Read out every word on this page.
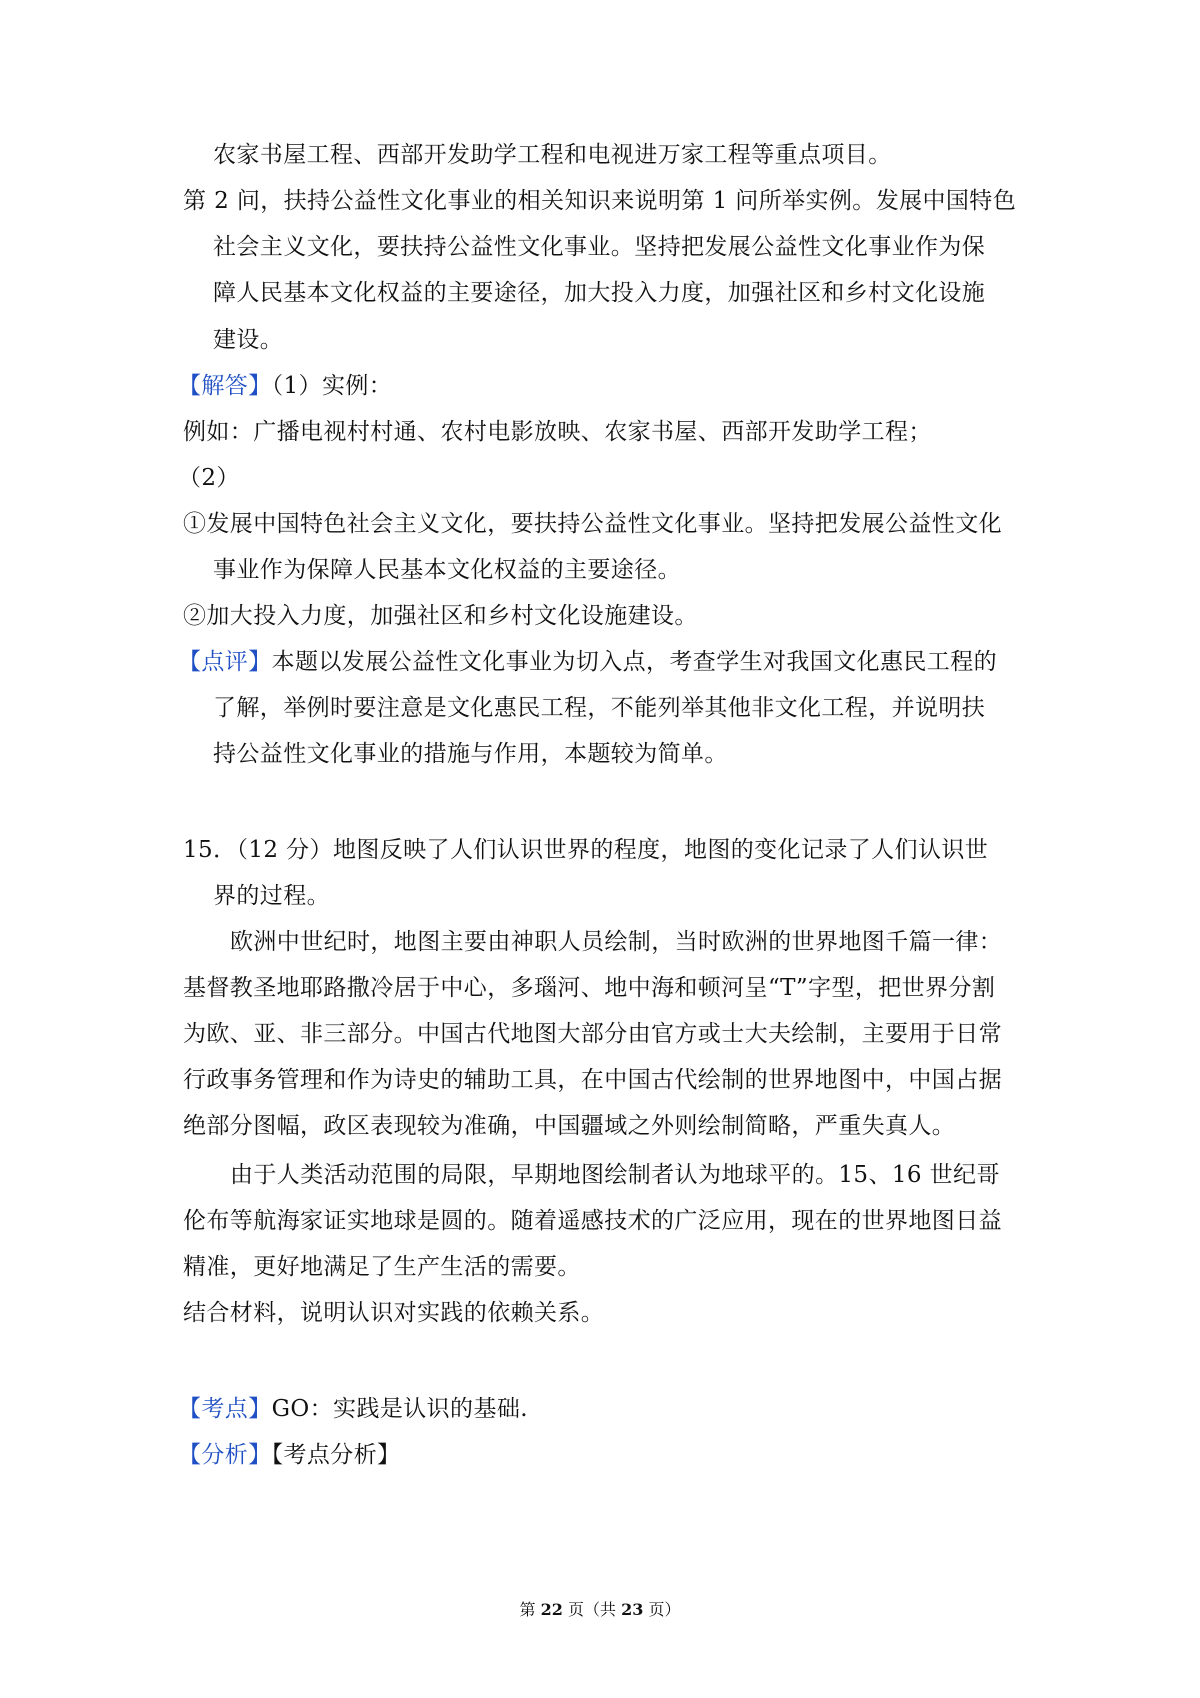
农家书屋工程、西部开发助学工程和电视进万家工程等重点项目。
第 2 问，扶持公益性文化事业的相关知识来说明第 1 问所举实例。发展中国特色
社会主义文化，要扶持公益性文化事业。坚持把发展公益性文化事业作为保
障人民基本文化权益的主要途径，加大投入力度，加强社区和乡村文化设施
建设。
【解答】（1）实例：
例如：广播电视村村通、农村电影放映、农家书屋、西部开发助学工程；
（2）
①发展中国特色社会主义文化，要扶持公益性文化事业。坚持把发展公益性文化
事业作为保障人民基本文化权益的主要途径。
②加大投入力度，加强社区和乡村文化设施建设。
【点评】本题以发展公益性文化事业为切入点，考查学生对我国文化惠民工程的
了解，举例时要注意是文化惠民工程，不能列举其他非文化工程，并说明扶
持公益性文化事业的措施与作用，本题较为简单。
15．（12 分）地图反映了人们认识世界的程度，地图的变化记录了人们认识世
界的过程。
欧洲中世纪时，地图主要由神职人员绘制，当时欧洲的世界地图千篇一律：
基督教圣地耶路撒冷居于中心，多瑙河、地中海和顿河呈“T”字型，把世界分割
为欧、亚、非三部分。中国古代地图大部分由官方或士大夫绘制，主要用于日常
行政事务管理和作为诗史的辅助工具，在中国古代绘制的世界地图中，中国占据
绝部分图幅，政区表现较为准确，中国疆域之外则绘制简略，严重失真人。
由于人类活动范围的局限，早期地图绘制者认为地球平的。15、16 世纪哥
伦布等航海家证实地球是圆的。随着遥感技术的广泛应用，现在的世界地图日益
精准，更好地满足了生产生活的需要。
结合材料，说明认识对实践的依赖关系。
【考点】GO：实践是认识的基础.
【分析】【考点分析】
第 22 页（共 23 页）
